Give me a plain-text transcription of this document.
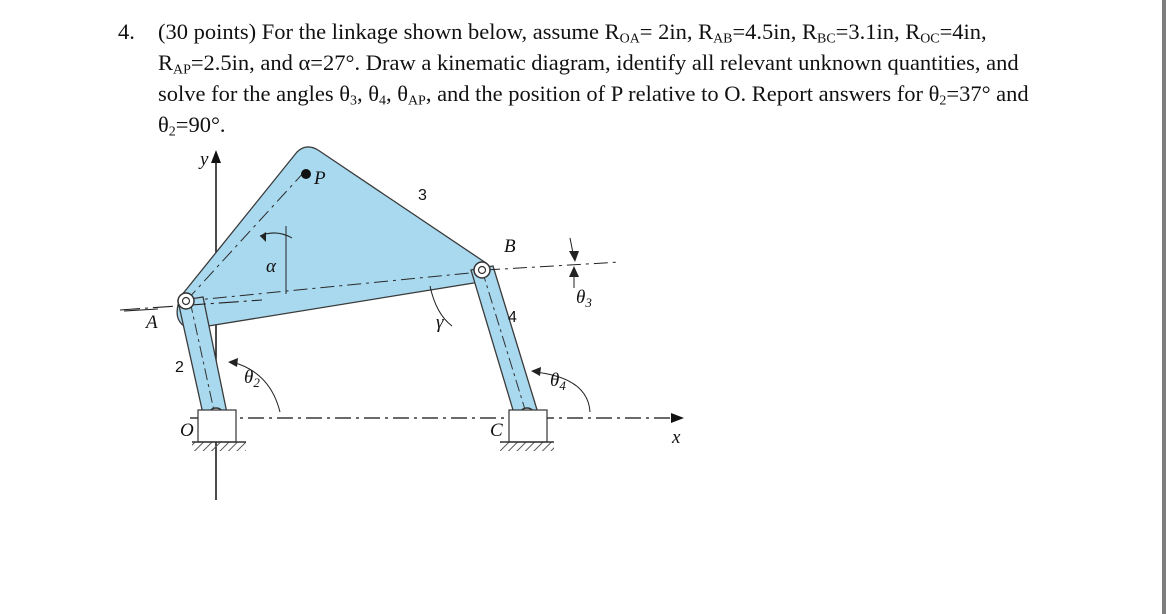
4. (30 points) For the linkage shown below, assume $R_{OA}= 2in$, $R_{AB}=4.5in$, $R_{BC}=3.1in$, $R_{OC}=4in$,
$R_{AP}=2.5in$, and α=27°. Draw a kinematic diagram, identify all relevant unknown quantities, and
solve for the angles $\theta_3$, $\theta_4$, $\theta_{AP}$, and the position of P relative to O. Report answers for $\theta_2=37^\circ$ and
$\theta_2=90^\circ$.
y
x
P
A
B
O	C
2
3
4
α
γ
$\theta_2$
$\theta_3$
$\theta_4$
